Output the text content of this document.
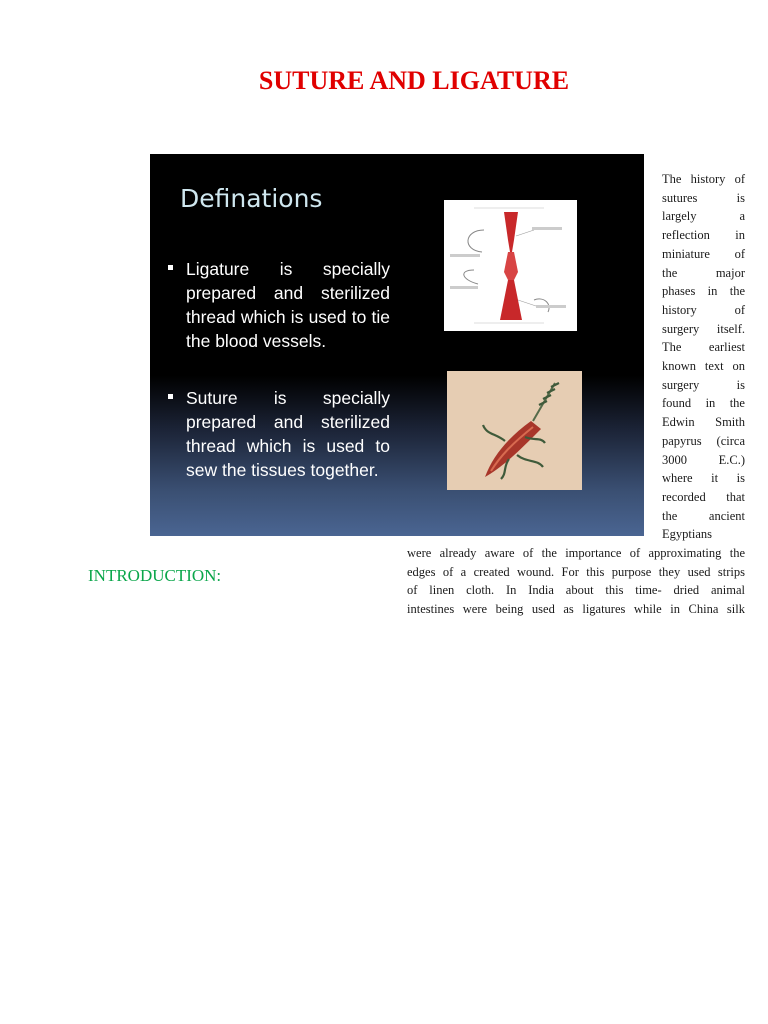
SUTURE AND LIGATURE
Definations
Ligature is specially prepared and sterilized thread which is used to tie the blood vessels.
Suture is specially prepared and sterilized thread which is used to sew the tissues together.
The history of
sutures is
largely a
reflection in
miniature of
the major
phases in the
history of
surgery itself.
The earliest
known text on
surgery is
found in the
Edwin Smith
papyrus (circa
3000 E.C.)
where it is
recorded that
the ancient
Egyptians
INTRODUCTION:
were already aware of the importance of approximating the
edges of a created wound. For this purpose they used strips
of linen cloth. In India about this time- dried animal
intestines were being used as ligatures while in China silk
